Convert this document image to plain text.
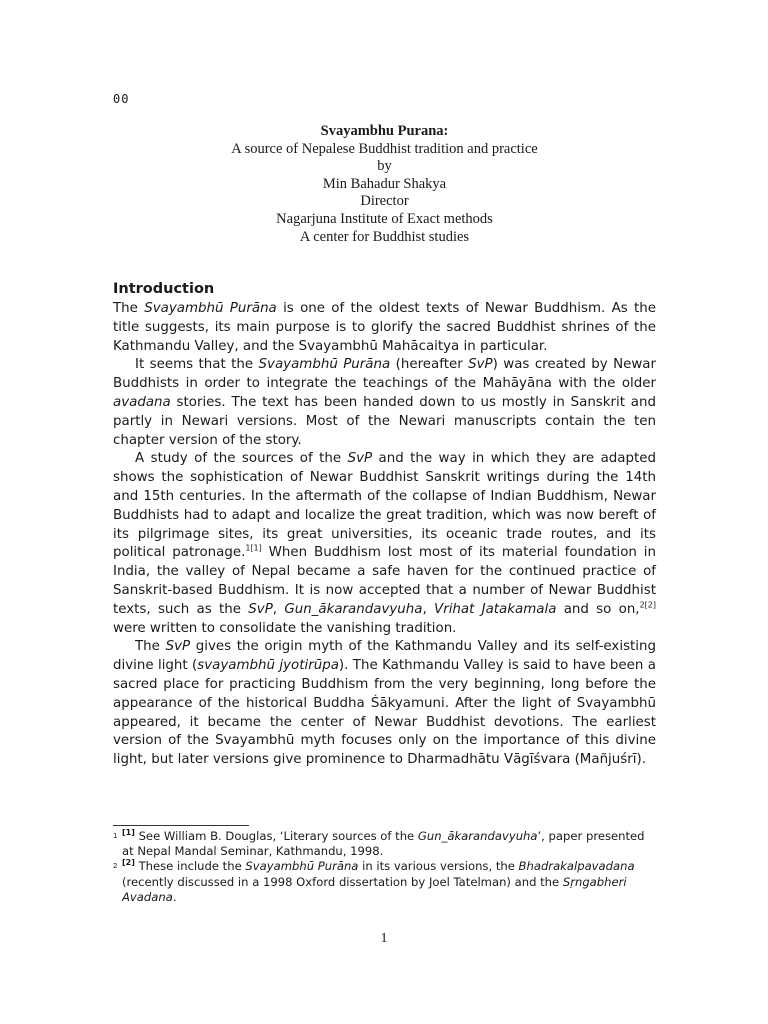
00
Svayambhu Purana:
A source of Nepalese Buddhist tradition and practice
by
Min Bahadur Shakya
Director
Nagarjuna Institute of Exact methods
A center for Buddhist studies
Introduction

The Svayambhū Purāna is one of the oldest texts of Newar Buddhism. As the title suggests, its main purpose is to glorify the sacred Buddhist shrines of the Kathmandu Valley, and the Svayambhū Mahācaitya in particular.

It seems that the Svayambhū Purāna (hereafter SvP) was created by Newar Buddhists in order to integrate the teachings of the Mahāyāna with the older avadana stories. The text has been handed down to us mostly in Sanskrit and partly in Newari versions. Most of the Newari manuscripts contain the ten chapter version of the story.

A study of the sources of the SvP and the way in which they are adapted shows the sophistication of Newar Buddhist Sanskrit writings during the 14th and 15th centuries. In the aftermath of the collapse of Indian Buddhism, Newar Buddhists had to adapt and localize the great tradition, which was now bereft of its pilgrimage sites, its great universities, its oceanic trade routes, and its political patronage.$^{1[1]}$ When Buddhism lost most of its material foundation in India, the valley of Nepal became a safe haven for the continued practice of Sanskrit-based Buddhism. It is now accepted that a number of Newar Buddhist texts, such as the SvP, Gun_ākarandavyuha, Vrihat Jatakamala and so on,$^{2[2]}$ were written to consolidate the vanishing tradition.

The SvP gives the origin myth of the Kathmandu Valley and its self-existing divine light (svayambhū jyotirūpa). The Kathmandu Valley is said to have been a sacred place for practicing Buddhism from the very beginning, long before the appearance of the historical Buddha Śākyamuni. After the light of Svayambhū appeared, it became the center of Newar Buddhist devotions. The earliest version of the Svayambhū myth focuses only on the importance of this divine light, but later versions give prominence to Dharmadhātu Vāgīśvara (Mañjuśrī).

1 [1] See William B. Douglas, ‘Literary sources of the Gun_ākarandavyuha’, paper presented at Nepal Mandal Seminar, Kathmandu, 1998.
2 [2] These include the Svayambhū Purāna in its various versions, the Bhadrakalpavadana (recently discussed in a 1998 Oxford dissertation by Joel Tatelman) and the Sṛngabheri Avadana.
1
